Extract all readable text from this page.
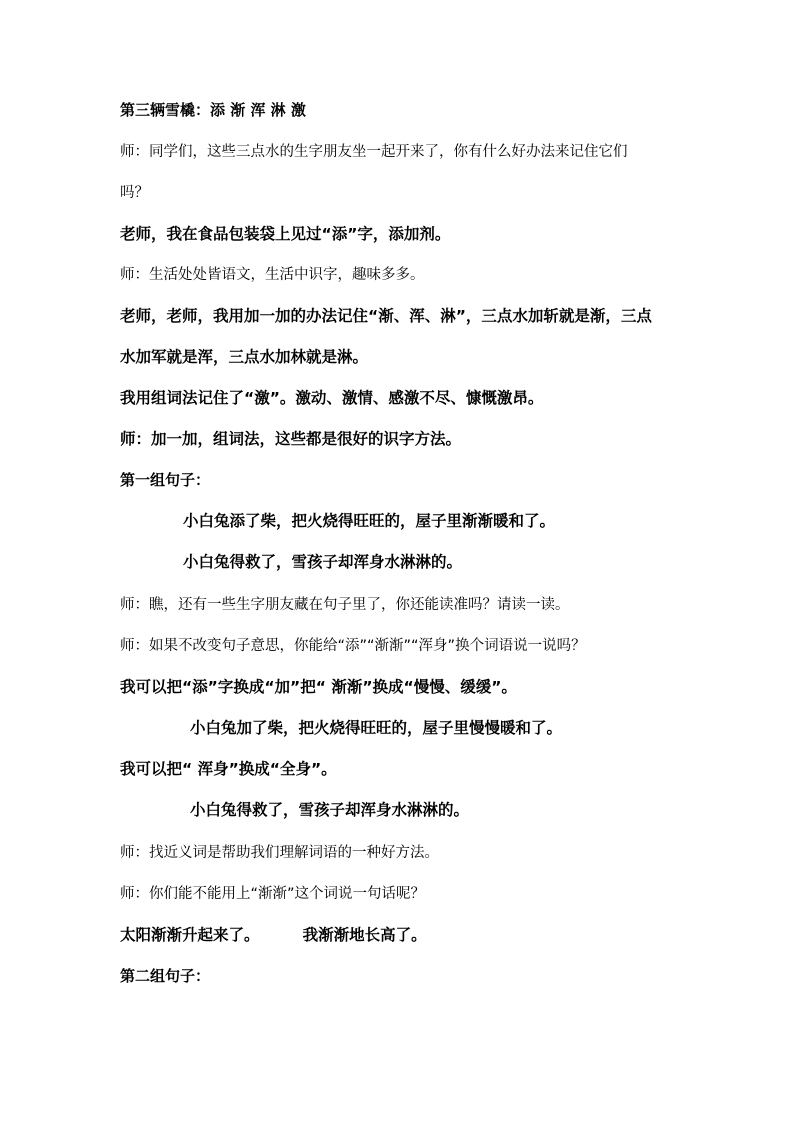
第三辆雪橇：添 渐 浑 淋 激
师：同学们，这些三点水的生字朋友坐一起开来了，你有什么好办法来记住它们
吗？
老师，我在食品包装袋上见过“添”字，添加剂。
师：生活处处皆语文，生活中识字，趣味多多。
老师，老师，我用加一加的办法记住“渐、浑、淋”，三点水加斩就是渐，三点
水加军就是浑，三点水加林就是淋。
我用组词法记住了“激”。激动、激情、感激不尽、慷慨激昂。
师：加一加，组词法，这些都是很好的识字方法。
第一组句子：
小白兔添了柴，把火烧得旺旺的，屋子里渐渐暖和了。
小白兔得救了，雪孩子却浑身水淋淋的。
师：瞧，还有一些生字朋友藏在句子里了，你还能读准吗？请读一读。
师：如果不改变句子意思，你能给“添”“渐渐”“浑身”换个词语说一说吗？
我可以把“添”字换成“加”把“ 渐渐”换成“慢慢、缓缓”。
小白兔加了柴，把火烧得旺旺的，屋子里慢慢暖和了。
我可以把“ 浑身”换成“全身”。
小白兔得救了，雪孩子却浑身水淋淋的。
师：找近义词是帮助我们理解词语的一种好方法。
师：你们能不能用上“渐渐”这个词说一句话呢？
太阳渐渐升起来了。        我渐渐地长高了。
第二组句子：
